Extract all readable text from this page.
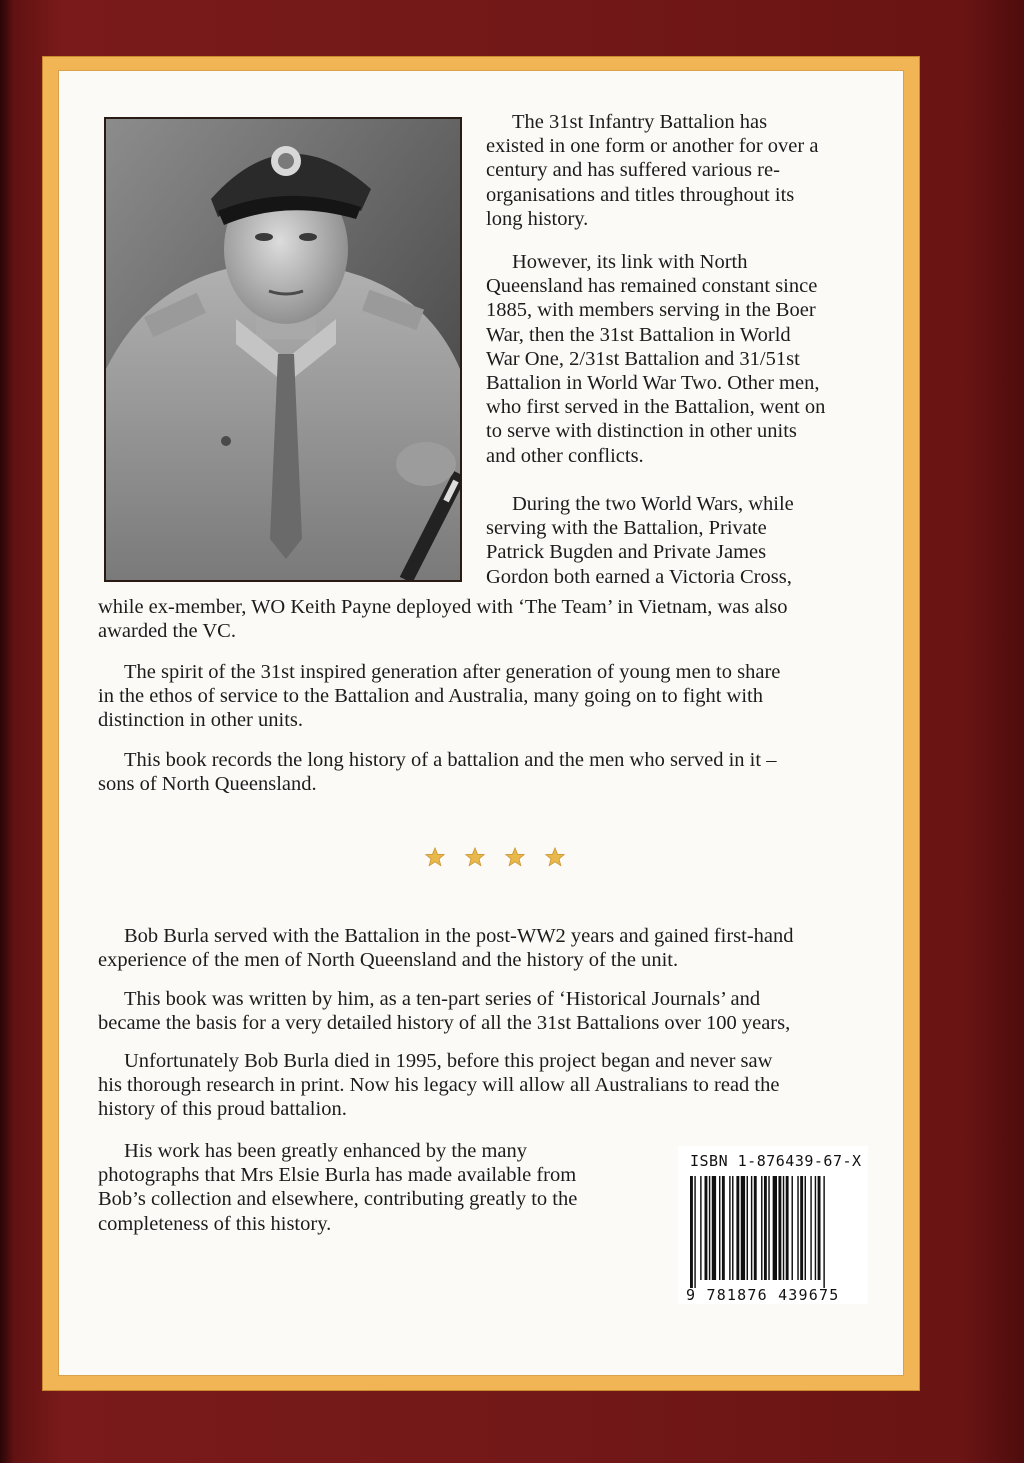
The 31st Infantry Battalion has
existed in one form or another for over a
century and has suffered various re-
organisations and titles throughout its
long history.
However, its link with North
Queensland has remained constant since
1885, with members serving in the Boer
War, then the 31st Battalion in World
War One, 2/31st Battalion and 31/51st
Battalion in World War Two. Other men,
who first served in the Battalion, went on
to serve with distinction in other units
and other conflicts.
During the two World Wars, while
serving with the Battalion, Private
Patrick Bugden and Private James
Gordon both earned a Victoria Cross,
while ex-member, WO Keith Payne deployed with ‘The Team’ in Vietnam, was also
awarded the VC.
The spirit of the 31st inspired generation after generation of young men to share
in the ethos of service to the Battalion and Australia, many going on to fight with
distinction in other units.
This book records the long history of a battalion and the men who served in it –
sons of North Queensland.
Bob Burla served with the Battalion in the post-WW2 years and gained first-hand
experience of the men of North Queensland and the history of the unit.
This book was written by him, as a ten-part series of ‘Historical Journals’ and
became the basis for a very detailed history of all the 31st Battalions over 100 years,
Unfortunately Bob Burla died in 1995, before this project began and never saw
his thorough research in print. Now his legacy will allow all Australians to read the
history of this proud battalion.
His work has been greatly enhanced by the many
photographs that Mrs Elsie Burla has made available from
Bob’s collection and elsewhere, contributing greatly to the
completeness of this history.
ISBN 1-876439-67-X
9 781876 439675
